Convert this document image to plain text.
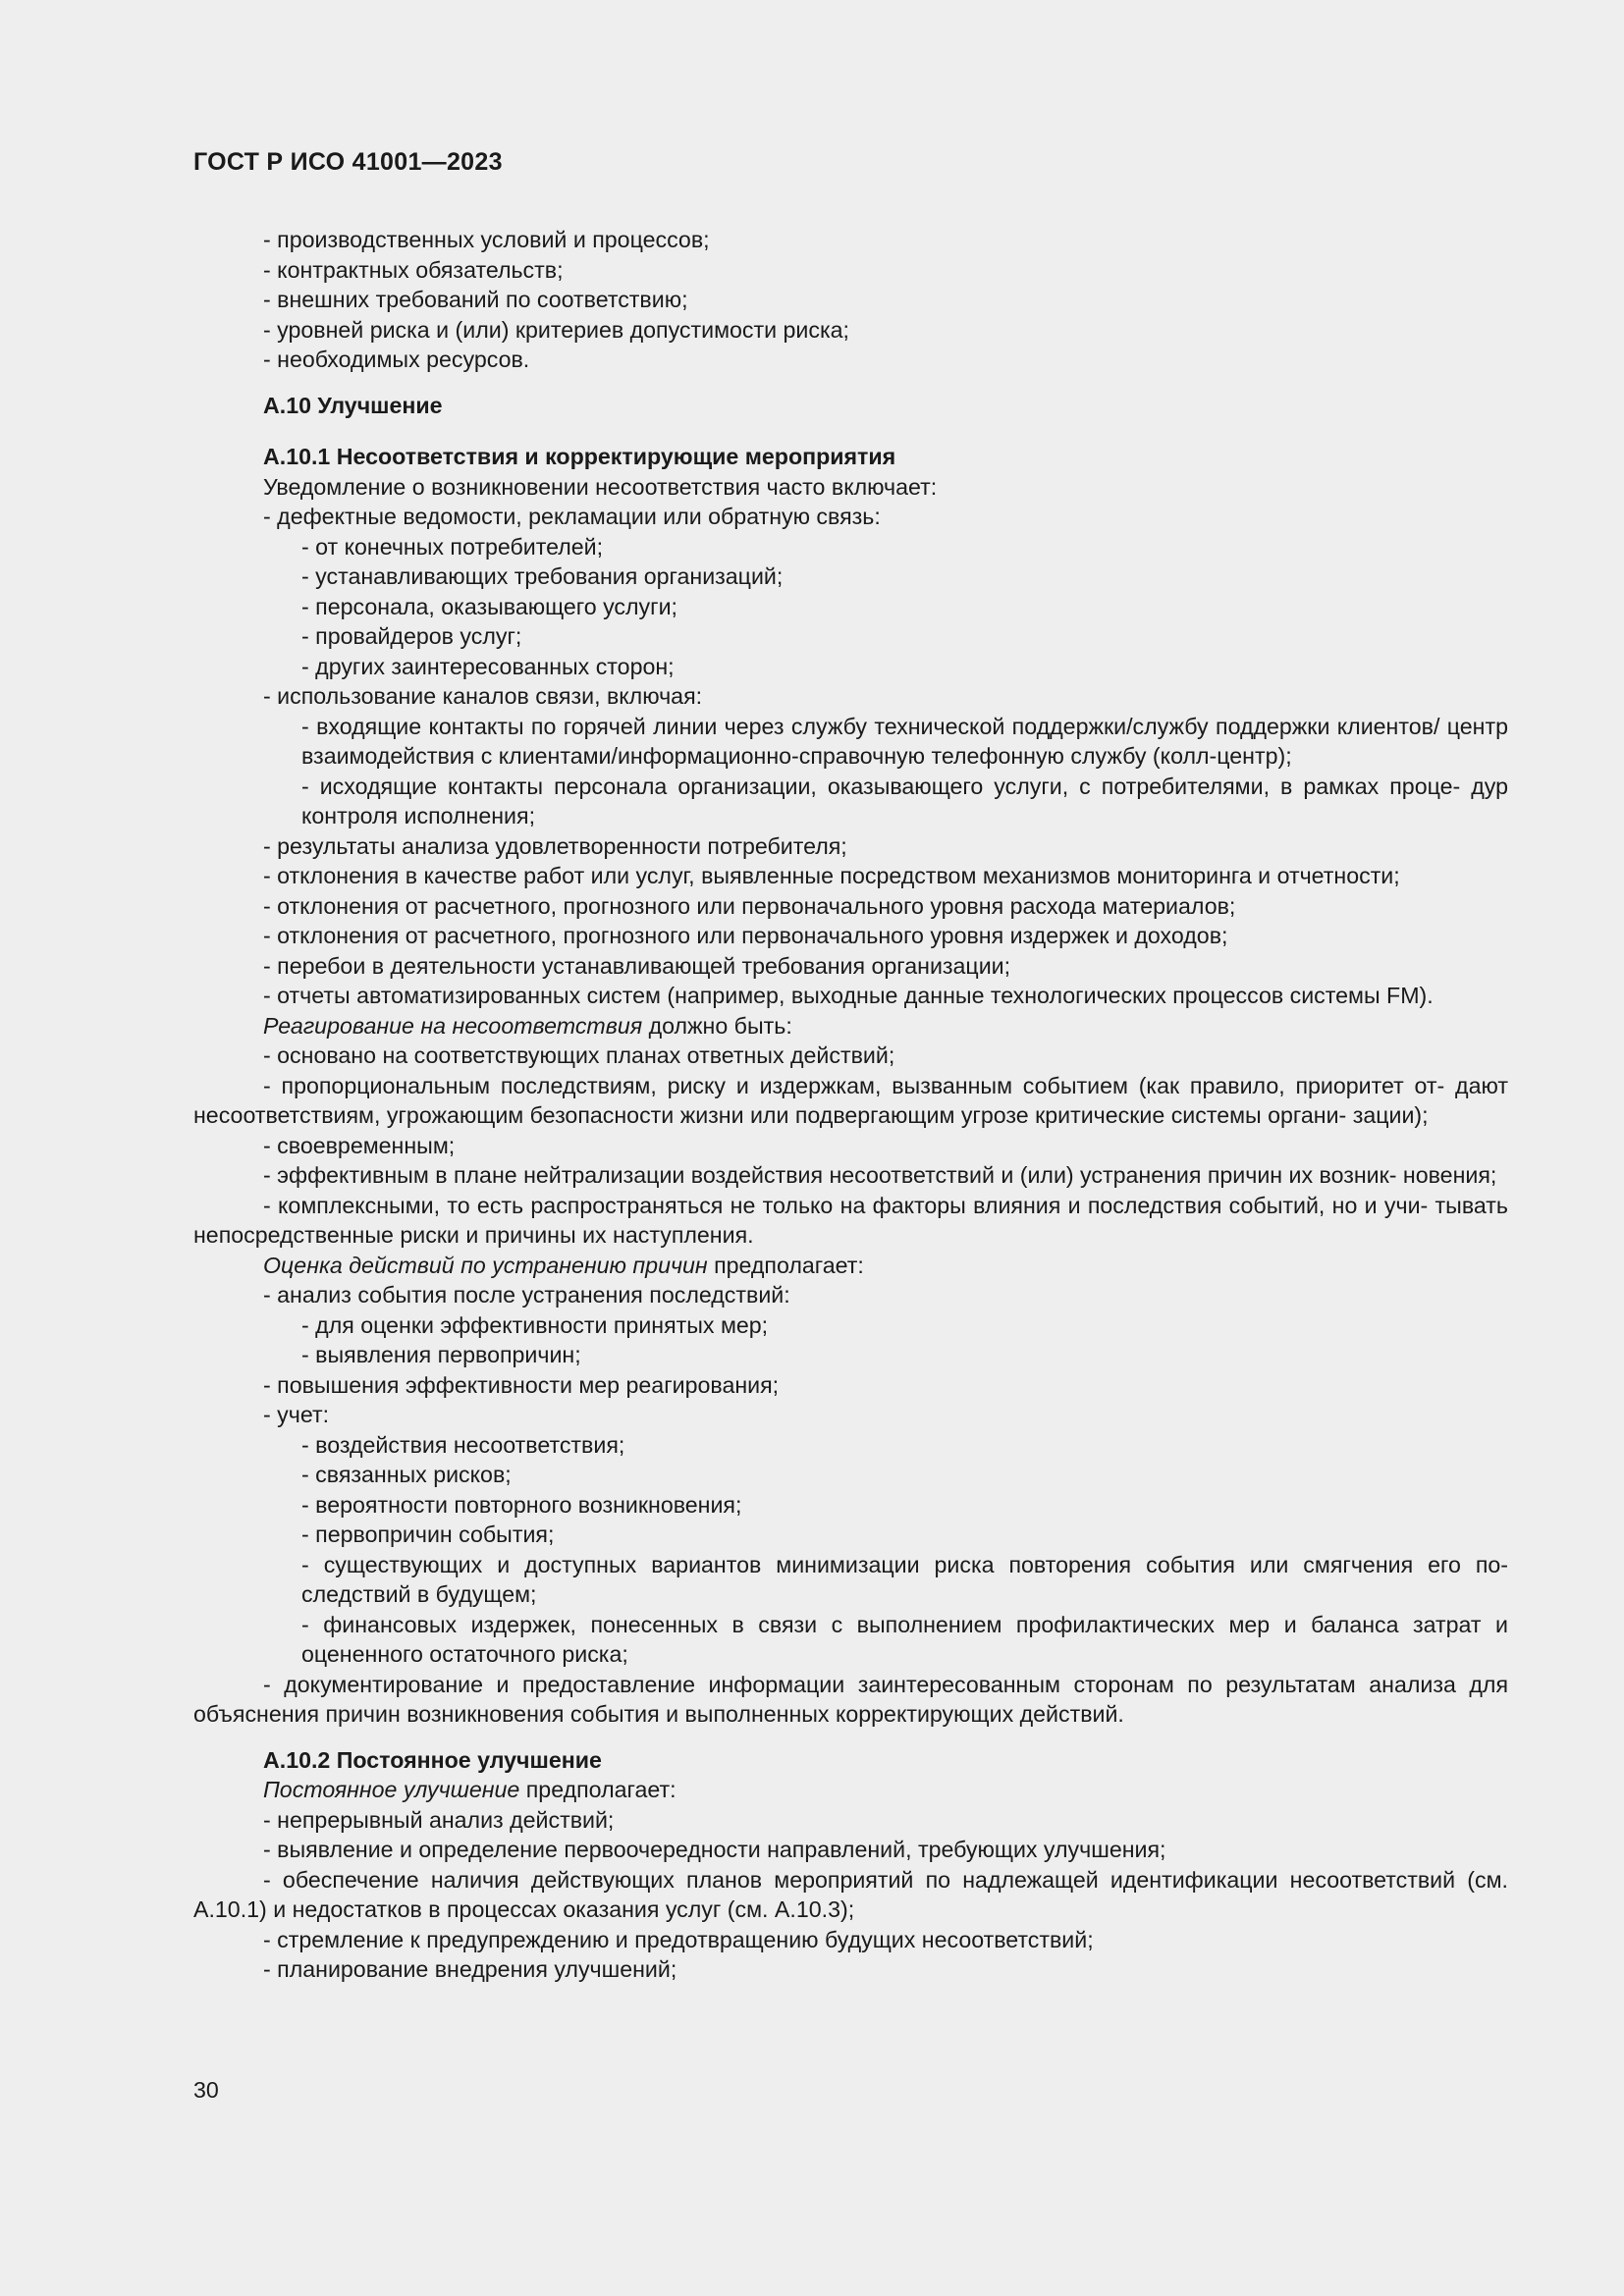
ГОСТ Р ИСО 41001—2023
- производственных условий и процессов;
- контрактных обязательств;
- внешних требований по соответствию;
- уровней риска и (или) критериев допустимости риска;
- необходимых ресурсов.
А.10 Улучшение
А.10.1 Несоответствия и корректирующие мероприятия
Уведомление о возникновении несоответствия часто включает:
- дефектные ведомости, рекламации или обратную связь:
- от конечных потребителей;
- устанавливающих требования организаций;
- персонала, оказывающего услуги;
- провайдеров услуг;
- других заинтересованных сторон;
- использование каналов связи, включая:
- входящие контакты по горячей линии через службу технической поддержки/службу поддержки клиентов/ центр взаимодействия с клиентами/информационно-справочную телефонную службу (колл-центр);
- исходящие контакты персонала организации, оказывающего услуги, с потребителями, в рамках проце- дур контроля исполнения;
- результаты анализа удовлетворенности потребителя;
- отклонения в качестве работ или услуг, выявленные посредством механизмов мониторинга и отчетности;
- отклонения от расчетного, прогнозного или первоначального уровня расхода материалов;
- отклонения от расчетного, прогнозного или первоначального уровня издержек и доходов;
- перебои в деятельности устанавливающей требования организации;
- отчеты автоматизированных систем (например, выходные данные технологических процессов системы FM).
Реагирование на несоответствия должно быть:
- основано на соответствующих планах ответных действий;
- пропорциональным последствиям, риску и издержкам, вызванным событием (как правило, приоритет от- дают несоответствиям, угрожающим безопасности жизни или подвергающим угрозе критические системы органи- зации);
- своевременным;
- эффективным в плане нейтрализации воздействия несоответствий и (или) устранения причин их возник- новения;
- комплексными, то есть распространяться не только на факторы влияния и последствия событий, но и учи- тывать непосредственные риски и причины их наступления.
Оценка действий по устранению причин предполагает:
- анализ события после устранения последствий:
- для оценки эффективности принятых мер;
- выявления первопричин;
- повышения эффективности мер реагирования;
- учет:
- воздействия несоответствия;
- связанных рисков;
- вероятности повторного возникновения;
- первопричин события;
- существующих и доступных вариантов минимизации риска повторения события или смягчения его по- следствий в будущем;
- финансовых издержек, понесенных в связи с выполнением профилактических мер и баланса затрат и оцененного остаточного риска;
- документирование и предоставление информации заинтересованным сторонам по результатам анализа для объяснения причин возникновения события и выполненных корректирующих действий.
А.10.2 Постоянное улучшение
Постоянное улучшение предполагает:
- непрерывный анализ действий;
- выявление и определение первоочередности направлений, требующих улучшения;
- обеспечение наличия действующих планов мероприятий по надлежащей идентификации несоответствий (см. А.10.1) и недостатков в процессах оказания услуг (см. А.10.3);
- стремление к предупреждению и предотвращению будущих несоответствий;
- планирование внедрения улучшений;
30
